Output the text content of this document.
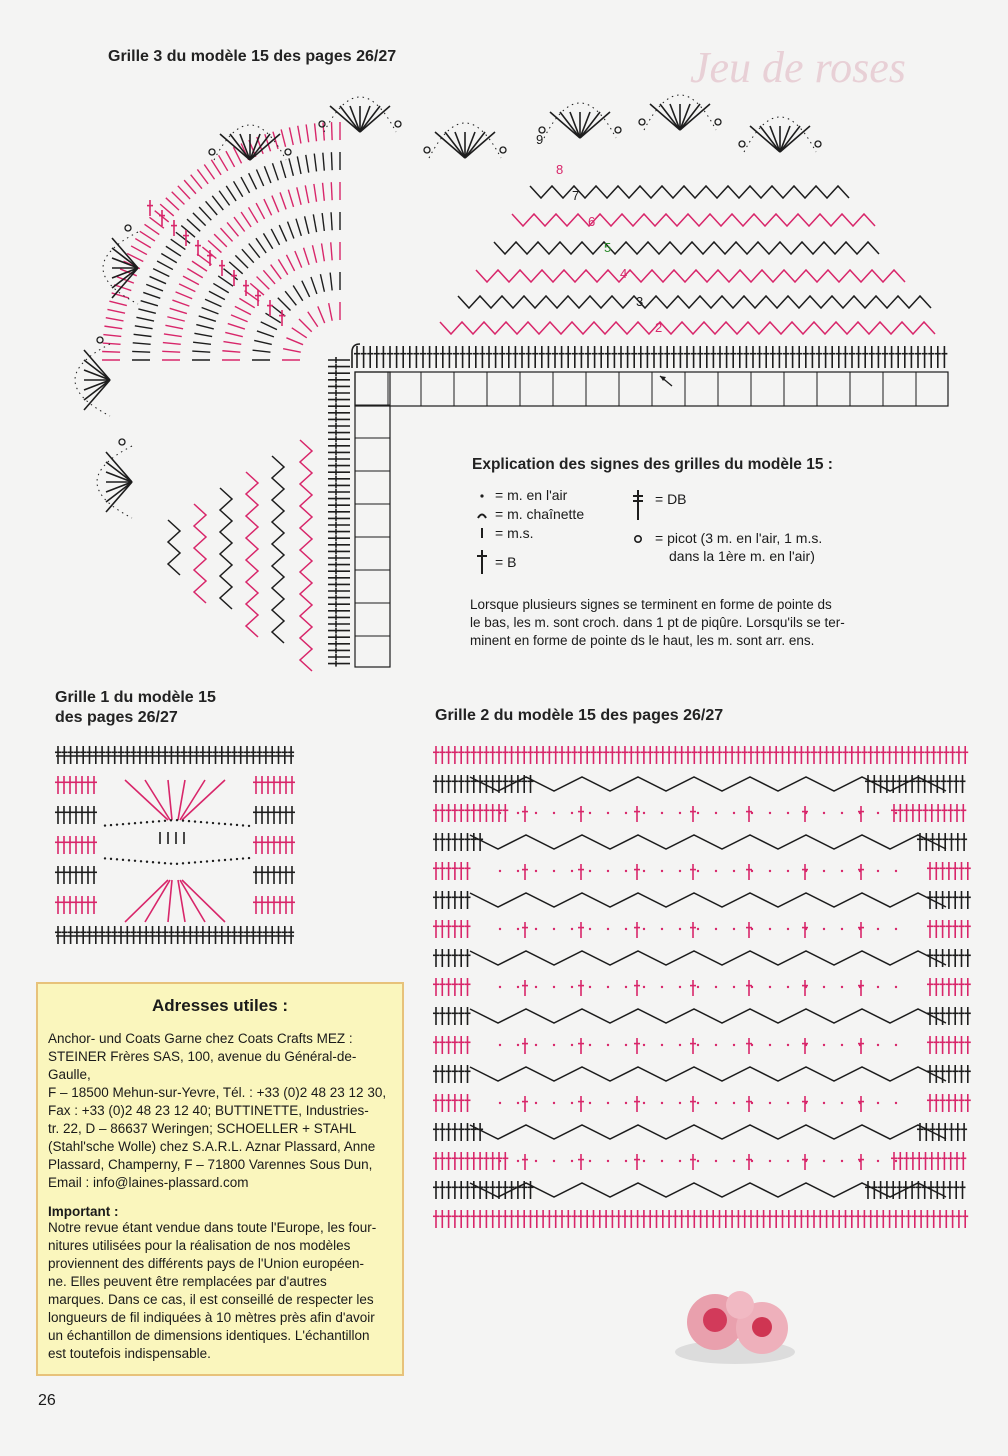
Jeu de roses
Grille 3 du modèle 15 des pages 26/27
2
3
4
5
6
7
8
9
Explication des signes des grilles du modèle 15 :
= m. en l'air
= m. chaînette
= m.s.
= B
= DB
= picot (3 m. en l'air, 1 m.s.
dans la 1ère m. en l'air)
Lorsque plusieurs signes se terminent en forme de pointe ds
le bas, les m. sont croch. dans 1 pt de piqûre. Lorsqu'ils se ter-
minent en forme de pointe ds le haut, les m. sont arr. ens.
Grille 1 du modèle 15
des pages 26/27	Grille 2 du modèle 15 des pages 26/27
Adresses utiles :
Anchor- und Coats Garne chez Coats Crafts MEZ :
STEINER Frères SAS, 100, avenue du Général-de-Gaulle,
F – 18500 Mehun-sur-Yevre, Tél. : +33 (0)2 48 23 12 30,
Fax : +33 (0)2 48 23 12 40; BUTTINETTE, Industries-
tr. 22, D – 86637 Weringen; SCHOELLER + STAHL
(Stahl'sche Wolle) chez S.A.R.L. Aznar Plassard, Anne
Plassard, Champerny, F – 71800 Varennes Sous Dun,
Email : info@laines-plassard.com
Important :
Notre revue étant vendue dans toute l'Europe, les four-
nitures utilisées pour la réalisation de nos modèles
proviennent des différents pays de l'Union européen-
ne. Elles peuvent être remplacées par d'autres
marques. Dans ce cas, il est conseillé de respecter les
longueurs de fil indiquées à 10 mètres près afin d'avoir
un échantillon de dimensions identiques. L'échantillon
est toutefois indispensable.
26
